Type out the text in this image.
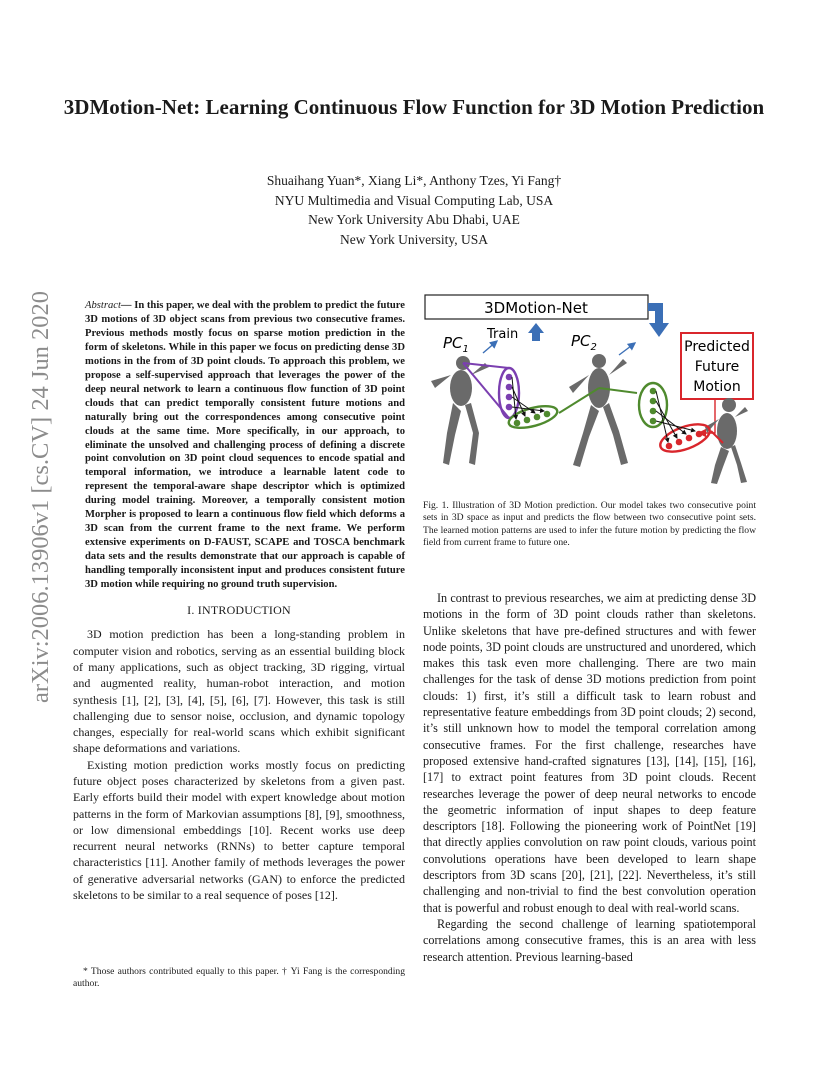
arXiv:2006.13906v1 [cs.CV] 24 Jun 2020
3DMotion-Net: Learning Continuous Flow Function for 3D Motion Prediction
Shuaihang Yuan*, Xiang Li*, Anthony Tzes, Yi Fang†
NYU Multimedia and Visual Computing Lab, USA
New York University Abu Dhabi, UAE
New York University, USA
Abstract— In this paper, we deal with the problem to predict the future 3D motions of 3D object scans from previous two consecutive frames. Previous methods mostly focus on sparse motion prediction in the form of skeletons. While in this paper we focus on predicting dense 3D motions in the from of 3D point clouds. To approach this problem, we propose a self-supervised approach that leverages the power of the deep neural network to learn a continuous flow function of 3D point clouds that can predict temporally consistent future motions and naturally bring out the correspondences among consecutive point clouds at the same time. More specifically, in our approach, to eliminate the unsolved and challenging process of defining a discrete point convolution on 3D point cloud sequences to encode spatial and temporal information, we introduce a learnable latent code to represent the temporal-aware shape descriptor which is optimized during model training. Moreover, a temporally consistent motion Morpher is proposed to learn a continuous flow field which deforms a 3D scan from the current frame to the next frame. We perform extensive experiments on D-FAUST, SCAPE and TOSCA benchmark data sets and the results demonstrate that our approach is capable of handling temporally inconsistent input and produces consistent future 3D motion while requiring no ground truth supervision.
I. INTRODUCTION

3D motion prediction has been a long-standing problem in computer vision and robotics, serving as an essential building block of many applications, such as object tracking, 3D rigging, virtual and augmented reality, human-robot interaction, and motion synthesis [1], [2], [3], [4], [5], [6], [7]. However, this task is still challenging due to sensor noise, occlusion, and dynamic topology changes, especially for real-world scans which exhibit significant shape deformations and variations.

Existing motion prediction works mostly focus on predicting future object poses characterized by skeletons from a given past. Early efforts build their model with expert knowledge about motion patterns in the form of Markovian assumptions [8], [9], smoothness, or low dimensional embeddings [10]. Recent works use deep recurrent neural networks (RNNs) to better capture temporal characteristics [11]. Another family of methods leverages the power of generative adversarial networks (GAN) to enforce the predicted skeletons to be similar to a real sequence of poses [12].

* Those authors contributed equally to this paper. † Yi Fang is the corresponding author.
3DMotion-Net
Train
$PC_1$	$PC_2$	Predicted
Future
Motion
Fig. 1. Illustration of 3D Motion prediction. Our model takes two consecutive point sets in 3D space as input and predicts the flow between two consecutive point sets. The learned motion patterns are used to infer the future motion by predicting the flow field from current frame to future one.

In contrast to previous researches, we aim at predicting dense 3D motions in the form of 3D point clouds rather than skeletons. Unlike skeletons that have pre-defined structures and with fewer node points, 3D point clouds are unstructured and unordered, which makes this task even more challenging. There are two main challenges for the task of dense 3D motions prediction from point clouds: 1) first, it’s still a difficult task to learn robust and representative feature embeddings from 3D point clouds; 2) second, it’s still unknown how to model the temporal correlation among consecutive frames. For the first challenge, researches have proposed extensive hand-crafted signatures [13], [14], [15], [16], [17] to extract point features from 3D point clouds. Recent researches leverage the power of deep neural networks to encode the geometric information of input shapes to deep feature descriptors [18]. Following the pioneering work of PointNet [19] that directly applies convolution on raw point clouds, various point convolutions operations have been developed to learn shape descriptors from 3D scans [20], [21], [22]. Nevertheless, it’s still challenging and non-trivial to find the best convolution operation that is powerful and robust enough to deal with real-world scans.

Regarding the second challenge of learning spatiotemporal correlations among consecutive frames, this is an area with less research attention. Previous learning-based
